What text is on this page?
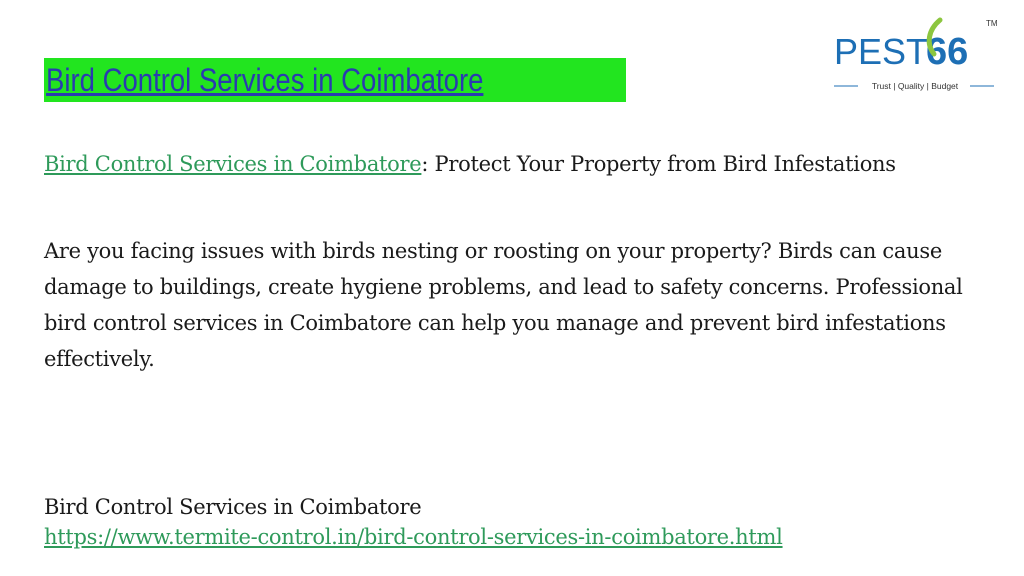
Bird Control Services in Coimbatore
PEST
66
TM
Trust | Quality | Budget
Bird Control Services in Coimbatore: Protect Your Property from Bird Infestations
Are you facing issues with birds nesting or roosting on your property? Birds can cause damage to buildings, create hygiene problems, and lead to safety concerns. Professional bird control services in Coimbatore can help you manage and prevent bird infestations effectively.
Bird Control Services in Coimbatore
https://www.termite-control.in/bird-control-services-in-coimbatore.html
